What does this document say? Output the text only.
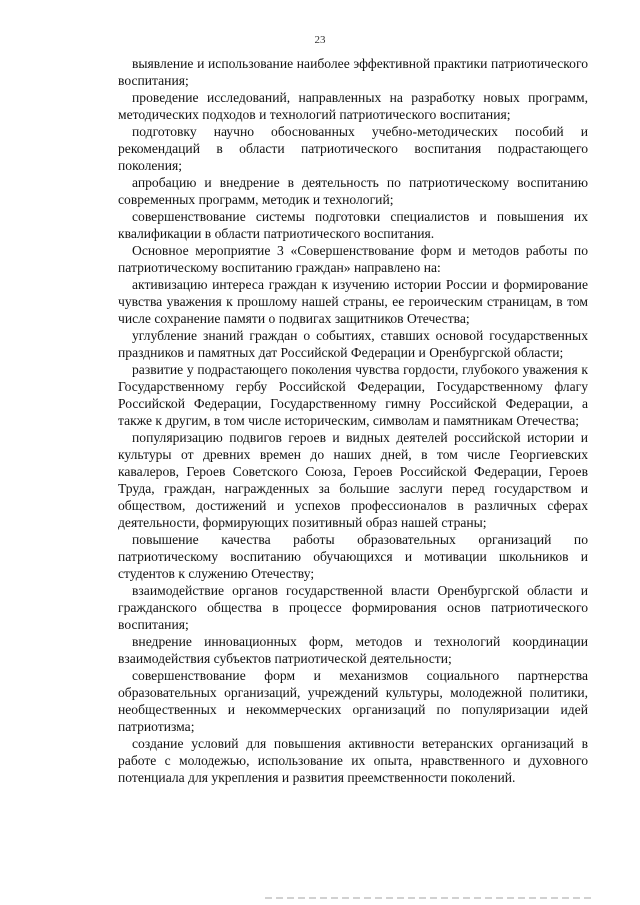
23

выявление и использование наиболее эффективной практики патриотического воспитания;

проведение исследований, направленных на разработку новых программ, методических подходов и технологий патриотического воспитания;

подготовку научно обоснованных учебно-методических пособий и рекомендаций в области патриотического воспитания подрастающего поколения;

апробацию и внедрение в деятельность по патриотическому воспитанию современных программ, методик и технологий;

совершенствование системы подготовки специалистов и повышения их квалификации в области патриотического воспитания.

Основное мероприятие 3 «Совершенствование форм и методов работы по патриотическому воспитанию граждан» направлено на:

активизацию интереса граждан к изучению истории России и формирование чувства уважения к прошлому нашей страны, ее героическим страницам, в том числе сохранение памяти о подвигах защитников Отечества;

углубление знаний граждан о событиях, ставших основой государственных праздников и памятных дат Российской Федерации и Оренбургской области;

развитие у подрастающего поколения чувства гордости, глубокого уважения к Государственному гербу Российской Федерации, Государственному флагу Российской Федерации, Государственному гимну Российской Федерации, а также к другим, в том числе историческим, символам и памятникам Отечества;

популяризацию подвигов героев и видных деятелей российской истории и культуры от древних времен до наших дней, в том числе Георгиевских кавалеров, Героев Советского Союза, Героев Российской Федерации, Героев Труда, граждан, награжденных за большие заслуги перед государством и обществом, достижений и успехов профессионалов в различных сферах деятельности, формирующих позитивный образ нашей страны;

повышение качества работы образовательных организаций по патриотическому воспитанию обучающихся и мотивации школьников и студентов к служению Отечеству;

взаимодействие органов государственной власти Оренбургской области и гражданского общества в процессе формирования основ патриотического воспитания;

внедрение инновационных форм, методов и технологий координации взаимодействия субъектов патриотической деятельности;

совершенствование форм и механизмов социального партнерства образовательных организаций, учреждений культуры, молодежной политики, необщественных и некоммерческих организаций по популяризации идей патриотизма;

создание условий для повышения активности ветеранских организаций в работе с молодежью, использование их опыта, нравственного и духовного потенциала для укрепления и развития преемственности поколений.
